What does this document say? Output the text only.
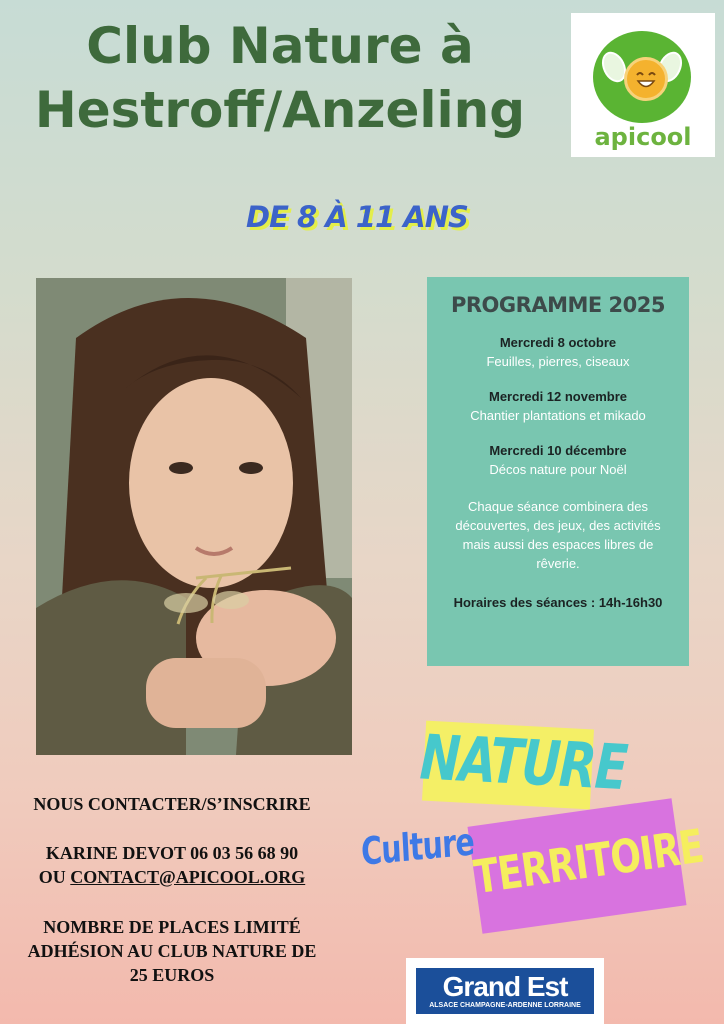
Club Nature à
Hestroff/Anzeling	apicool
DE 8 À 11 ANS
PROGRAMME 2025
Mercredi 8 octobre
Feuilles, pierres, ciseaux
Mercredi 12 novembre
Chantier plantations et mikado
Mercredi 10 décembre
Décos nature pour Noël
Chaque séance combinera des découvertes, des jeux, des activités mais aussi des espaces libres de rêverie.
Horaires des séances : 14h-16h30
NOUS CONTACTER/S’INSCRIRE
KARINE DEVOT 06 03 56 68 90
OU CONTACT@APICOOL.ORG
NOMBRE DE PLACES LIMITÉ
ADHÉSION AU CLUB NATURE DE
25 EUROS
NATURE
TERRITOIRE
Culture
Grand Est
ALSACE CHAMPAGNE-ARDENNE LORRAINE
